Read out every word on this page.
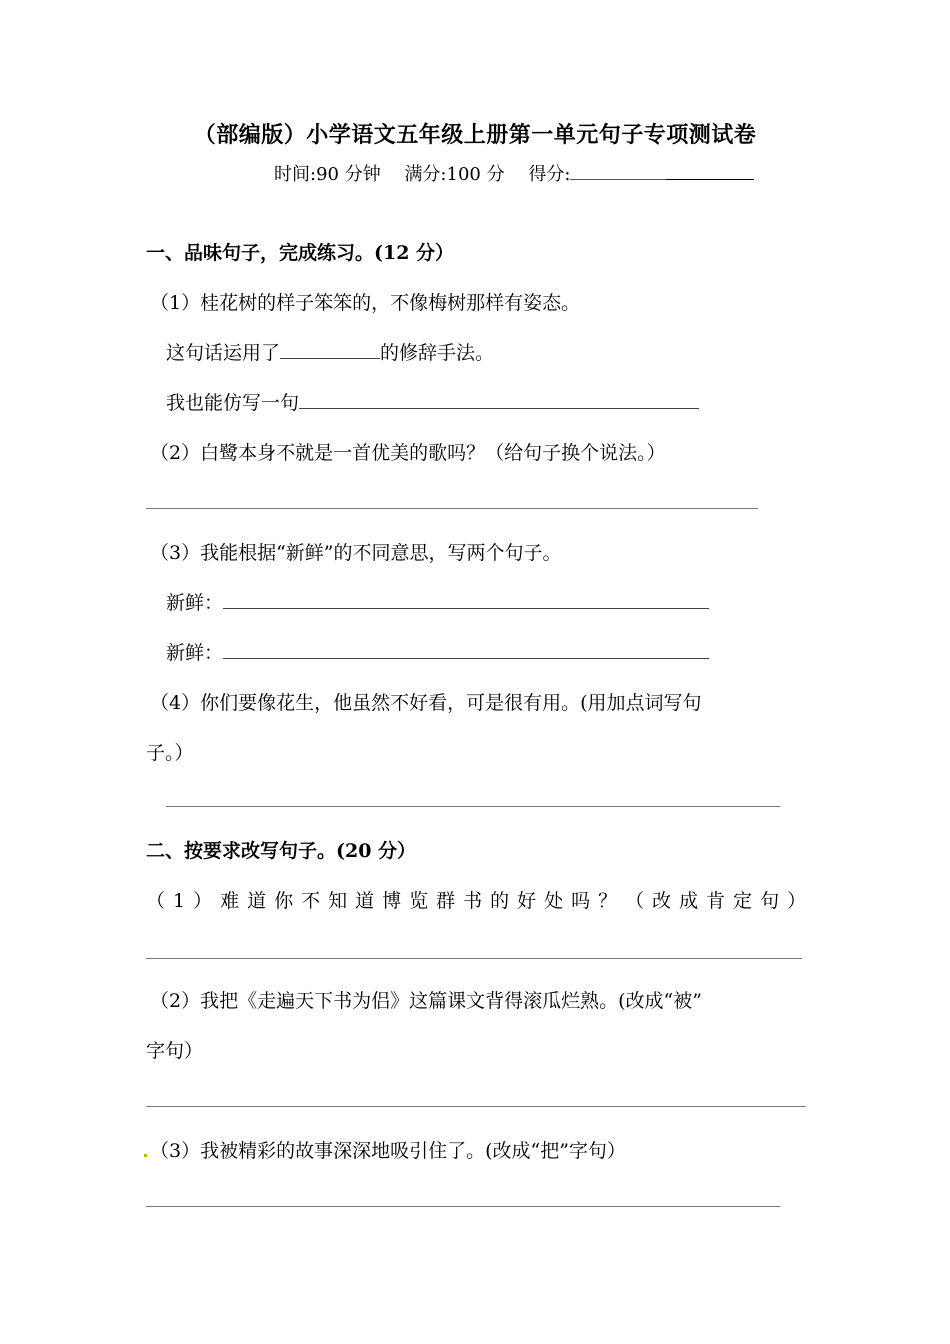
（部编版）小学语文五年级上册第一单元句子专项测试卷
时间:90 分钟 满分:100 分 得分:
一、品味句子，完成练习。(12 分）
（1）桂花树的样子笨笨的，不像梅树那样有姿态。
这句话运用了	的修辞手法。
我也能仿写一句
（2）白鹭本身不就是一首优美的歌吗？（给句子换个说法。）
（3）我能根据“新鲜”的不同意思，写两个句子。
新鲜：
新鲜：
（4）你们要像花生，他虽然不好看，可是很有用。(用加点词写句
子。）
二、按要求改写句子。(20 分）
（1）难道你不知道博览群书的好处吗？（改成肯定句）
（2）我把《走遍天下书为侣》这篇课文背得滚瓜烂熟。(改成“被”
字句）
（3）我被精彩的故事深深地吸引住了。(改成“把”字句）
